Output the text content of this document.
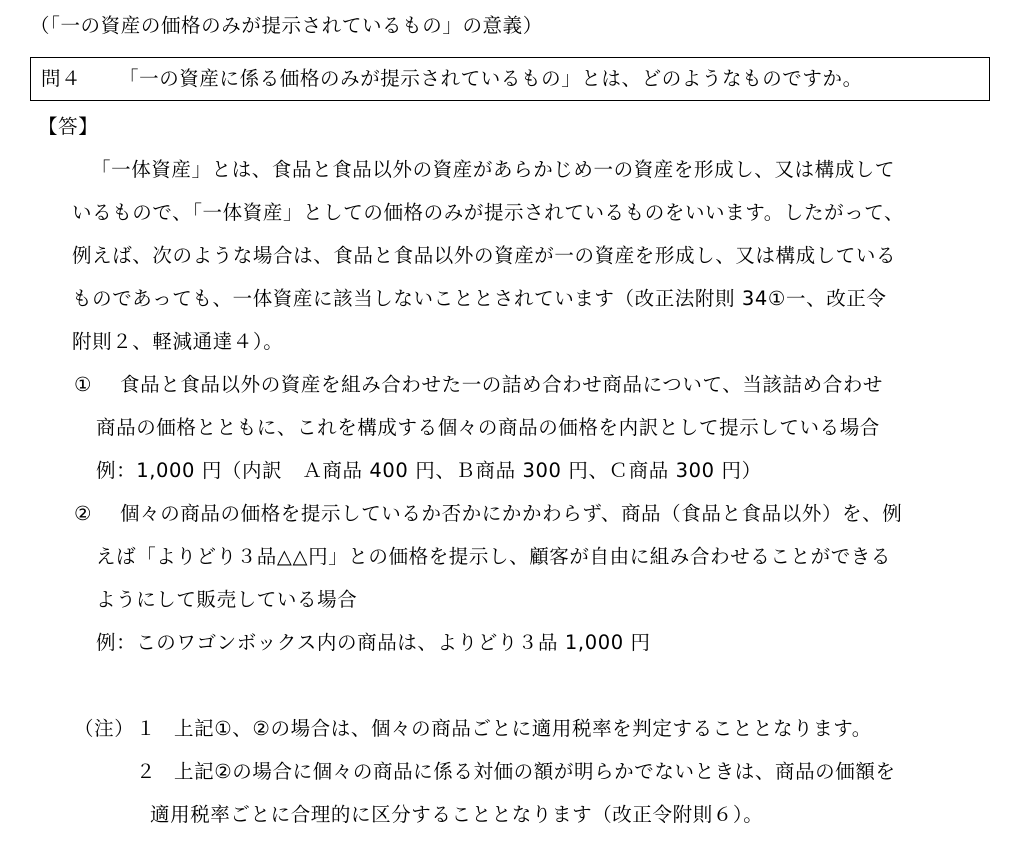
（「一の資産の価格のみが提示されているもの」の意義）
問４ 「一の資産に係る価格のみが提示されているもの」とは、どのようなものですか。
【答】
「一体資産」とは、食品と食品以外の資産があらかじめ一の資産を形成し、又は構成して
いるもので、「一体資産」としての価格のみが提示されているものをいいます。したがって、
例えば、次のような場合は、食品と食品以外の資産が一の資産を形成し、又は構成している
ものであっても、一体資産に該当しないこととされています（改正法附則 34①一、改正令
附則２、軽減通達４）。
① 食品と食品以外の資産を組み合わせた一の詰め合わせ商品について、当該詰め合わせ
商品の価格とともに、これを構成する個々の商品の価格を内訳として提示している場合
例：1,000 円（内訳　Ａ商品 400 円、Ｂ商品 300 円、Ｃ商品 300 円）
② 個々の商品の価格を提示しているか否かにかかわらず、商品（食品と食品以外）を、例
えば「よりどり３品△△円」との価格を提示し、顧客が自由に組み合わせることができる
ようにして販売している場合
例：このワゴンボックス内の商品は、よりどり３品 1,000 円
（注）１ 上記①、②の場合は、個々の商品ごとに適用税率を判定することとなります。
２ 上記②の場合に個々の商品に係る対価の額が明らかでないときは、商品の価額を
適用税率ごとに合理的に区分することとなります（改正令附則６）。
